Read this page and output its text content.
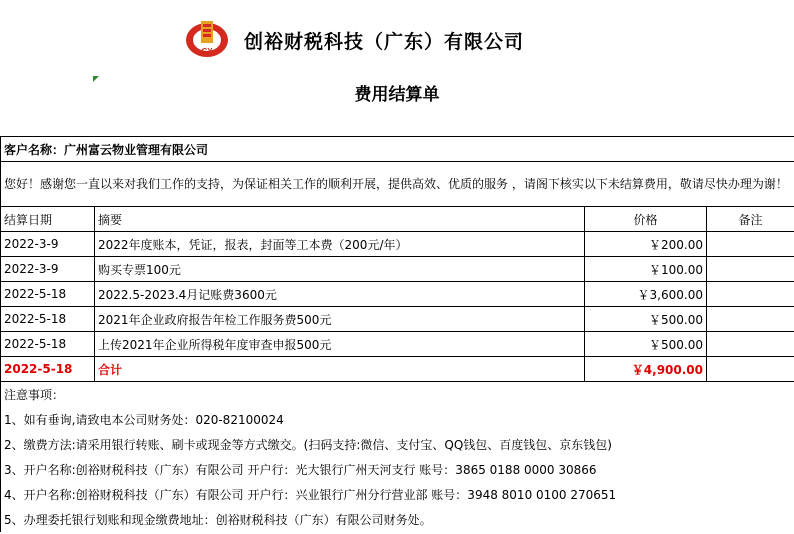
CY 创裕财税科技（广东）有限公司
费用结算单
客户名称：广州富云物业管理有限公司			
您好！感谢您一直以来对我们工作的支持，为保证相关工作的顺利开展，提供高效、优质的服务 ，请阁下核实以下未结算费用，敬请尽快办理为谢！			
结算日期	摘要	价格	备注
2022-3-9	2022年度账本，凭证，报表，封面等工本费（200元/年）	￥200.00	
2022-3-9	购买专票100元	￥100.00	
2022-5-18	2022.5-2023.4月记账费3600元	￥3,600.00	
2022-5-18	2021年企业政府报告年检工作服务费500元	￥500.00	
2022-5-18	上传2021年企业所得税年度审查申报500元	￥500.00	
2022-5-18	合计	￥4,900.00	
注意事项：			
1、如有垂询,请致电本公司财务处：020-82100024			
2、缴费方法:请采用银行转账、刷卡或现金等方式缴交。(扫码支持:微信、支付宝、QQ钱包、百度钱包、京东钱包)			
3、开户名称:创裕财税科技（广东）有限公司 开户行：光大银行广州天河支行 账号：3865 0188 0000 30866			
4、开户名称:创裕财税科技（广东）有限公司 开户行：兴业银行广州分行营业部 账号：3948 8010 0100 270651			
5、办理委托银行划账和现金缴费地址：创裕财税科技（广东）有限公司财务处。			
